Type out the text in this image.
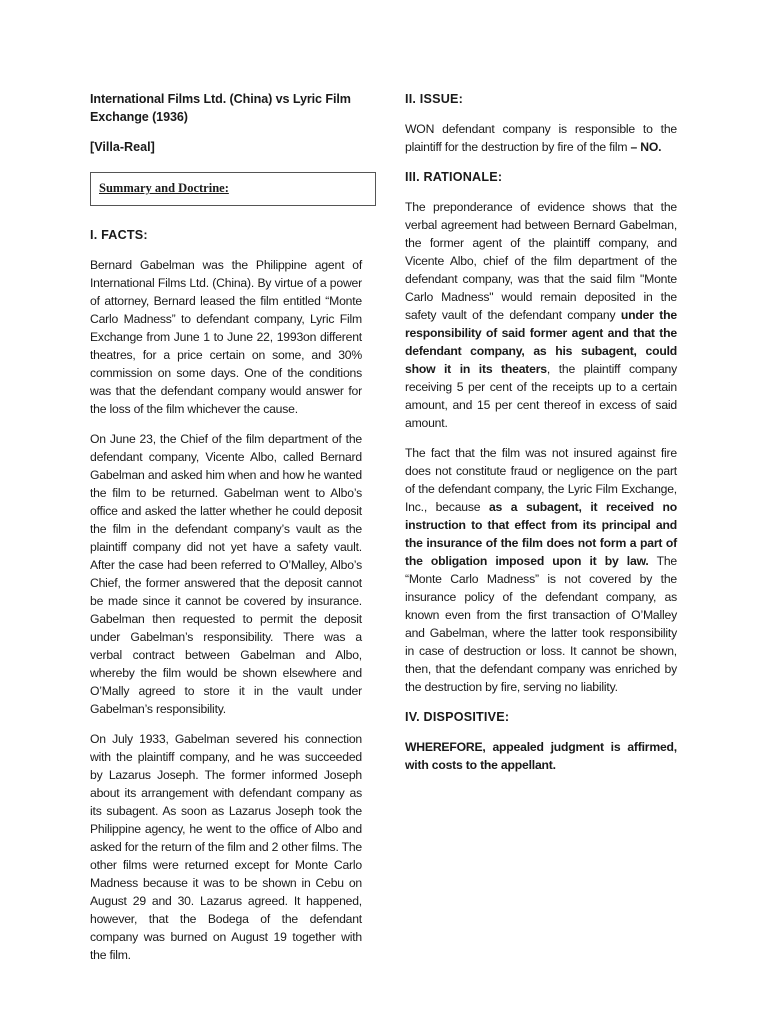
International Films Ltd. (China) vs Lyric Film Exchange (1936)

[Villa-Real]

Summary and Doctrine:

I. FACTS:

Bernard Gabelman was the Philippine agent of International Films Ltd. (China). By virtue of a power of attorney, Bernard leased the film entitled “Monte Carlo Madness” to defendant company, Lyric Film Exchange from June 1 to June 22, 1993on different theatres, for a price certain on some, and 30% commission on some days. One of the conditions was that the defendant company would answer for the loss of the film whichever the cause.

On June 23, the Chief of the film department of the defendant company, Vicente Albo, called Bernard Gabelman and asked him when and how he wanted the film to be returned. Gabelman went to Albo’s office and asked the latter whether he could deposit the film in the defendant company’s vault as the plaintiff company did not yet have a safety vault. After the case had been referred to O’Malley, Albo’s Chief, the former answered that the deposit cannot be made since it cannot be covered by insurance. Gabelman then requested to permit the deposit under Gabelman’s responsibility. There was a verbal contract between Gabelman and Albo, whereby the film would be shown elsewhere and O’Mally agreed to store it in the vault under Gabelman’s responsibility.

On July 1933, Gabelman severed his connection with the plaintiff company, and he was succeeded by Lazarus Joseph. The former informed Joseph about its arrangement with defendant company as its subagent. As soon as Lazarus Joseph took the Philippine agency, he went to the office of Albo and asked for the return of the film and 2 other films. The other films were returned except for Monte Carlo Madness because it was to be shown in Cebu on August 29 and 30. Lazarus agreed. It happened, however, that the Bodega of the defendant company was burned on August 19 together with the film.

II. ISSUE:

WON defendant company is responsible to the plaintiff for the destruction by fire of the film – NO.

III. RATIONALE:

The preponderance of evidence shows that the verbal agreement had between Bernard Gabelman, the former agent of the plaintiff company, and Vicente Albo, chief of the film department of the defendant company, was that the said film "Monte Carlo Madness" would remain deposited in the safety vault of the defendant company under the responsibility of said former agent and that the defendant company, as his subagent, could show it in its theaters, the plaintiff company receiving 5 per cent of the receipts up to a certain amount, and 15 per cent thereof in excess of said amount.

The fact that the film was not insured against fire does not constitute fraud or negligence on the part of the defendant company, the Lyric Film Exchange, Inc., because as a subagent, it received no instruction to that effect from its principal and the insurance of the film does not form a part of the obligation imposed upon it by law. The “Monte Carlo Madness” is not covered by the insurance policy of the defendant company, as known even from the first transaction of O’Malley and Gabelman, where the latter took responsibility in case of destruction or loss. It cannot be shown, then, that the defendant company was enriched by the destruction by fire, serving no liability.

IV. DISPOSITIVE:

WHEREFORE, appealed judgment is affirmed, with costs to the appellant.
